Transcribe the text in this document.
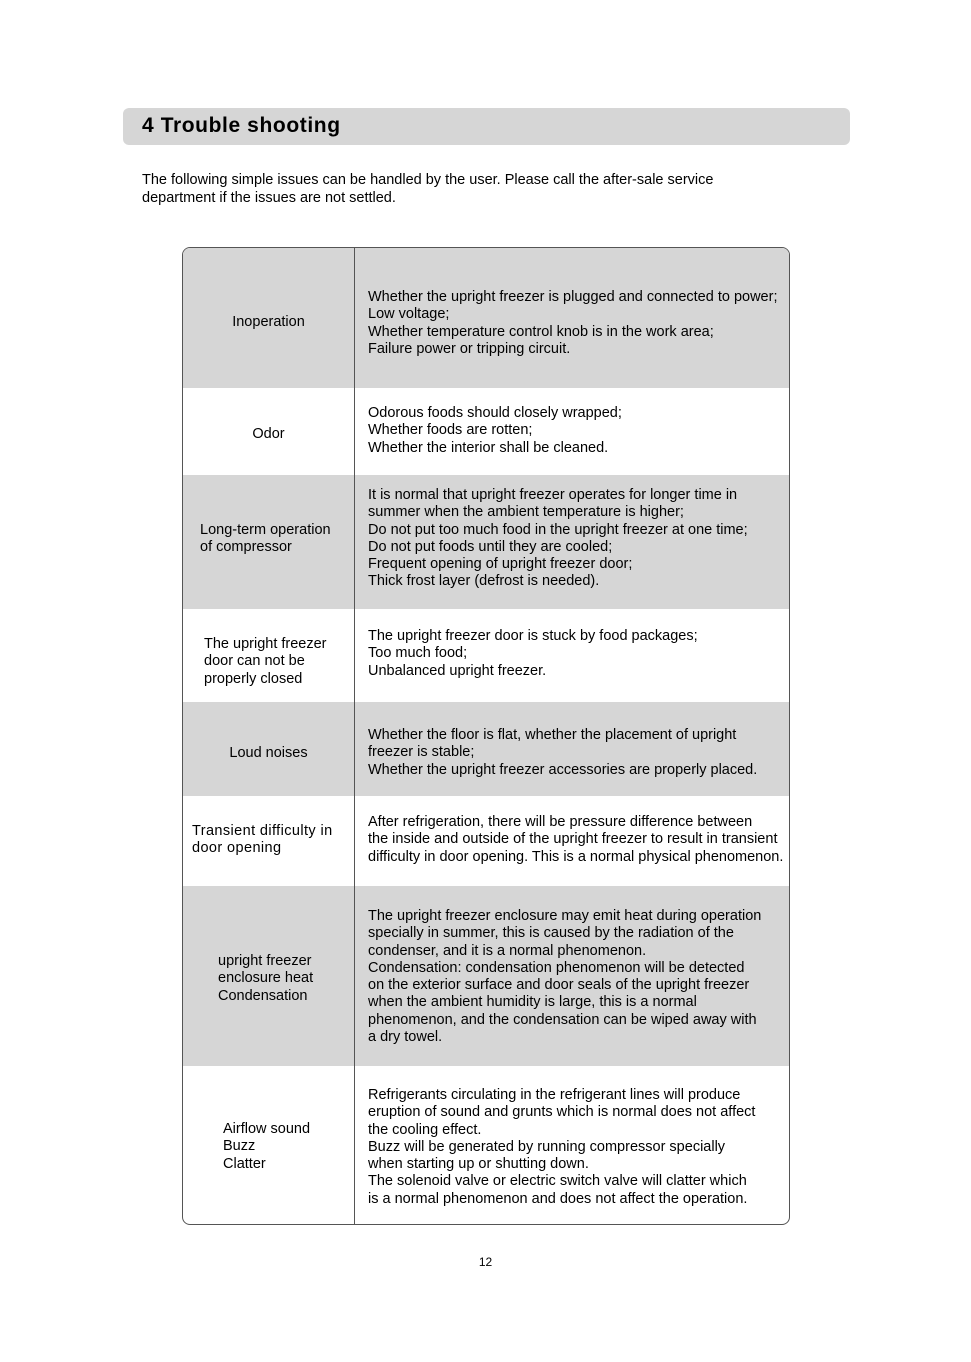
4 Trouble shooting
The following simple issues can be handled by the user. Please call the after-sale service department if the issues are not settled.
Inoperation
Whether the upright freezer is plugged and connected to power;
Low voltage;
Whether temperature control knob is in the work area;
Failure power or tripping circuit.
Odor
Odorous foods should closely wrapped;
Whether foods are rotten;
Whether the interior shall be cleaned.
Long-term operation
of compressor
It is normal that upright freezer operates for longer time in
summer when the ambient temperature is higher;
Do not put too much food in the upright freezer at one time;
Do not put foods until they are cooled;
Frequent opening of upright freezer door;
Thick frost layer (defrost is needed).
The upright freezer
door can not be
properly closed
The upright freezer door is stuck by food packages;
Too much food;
Unbalanced upright freezer.
Loud noises
Whether the floor is flat, whether the placement of upright
freezer is stable;
Whether the upright freezer accessories are properly placed.
Transient difficulty in
door opening
After refrigeration, there will be pressure difference between
the inside and outside of the upright freezer to result in transient
difficulty in door opening. This is a normal physical phenomenon.
upright freezer
enclosure heat
Condensation
The upright freezer enclosure may emit heat during operation
specially in summer, this is caused by the radiation of the
condenser, and it is a normal phenomenon.
Condensation: condensation phenomenon will be detected
on the exterior surface and door seals of the upright freezer
when the ambient humidity is large, this is a normal
phenomenon, and the condensation can be wiped away with
a dry towel.
Airflow sound
Buzz
Clatter
Refrigerants circulating in the refrigerant lines will produce
eruption of sound and grunts which is normal does not affect
the cooling effect.
Buzz will be generated by running compressor specially
when starting up or shutting down.
The solenoid valve or electric switch valve will clatter which
is a normal phenomenon and does not affect the operation.
12
